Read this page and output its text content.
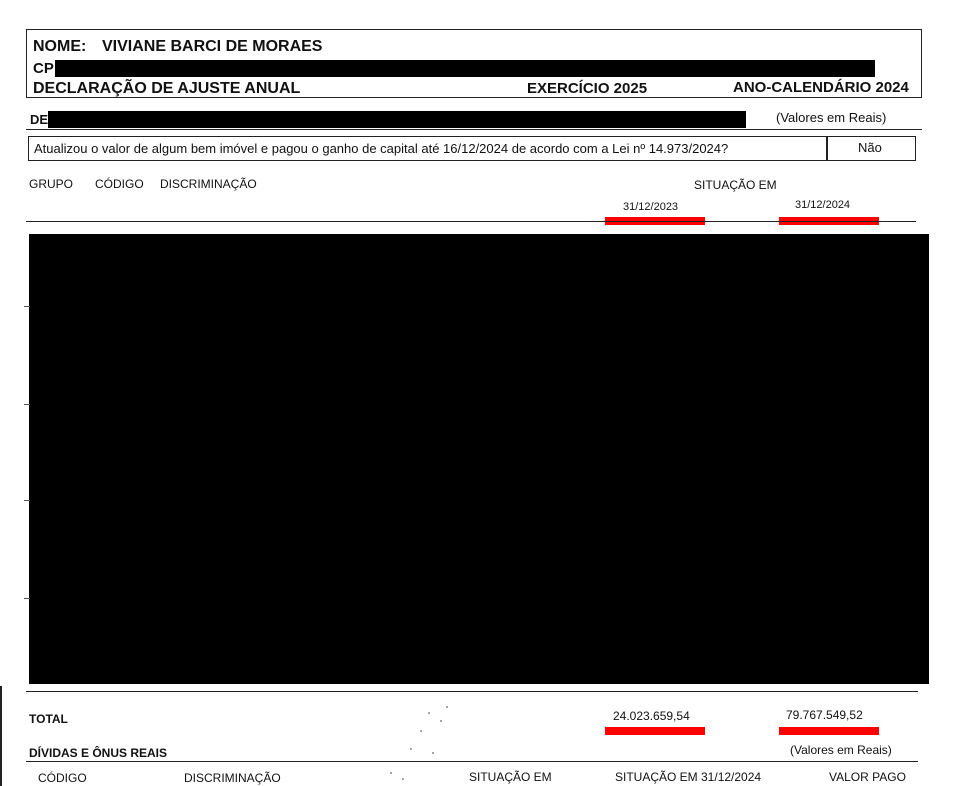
NOME: VIVIANE BARCI DE MORAES
CP
DECLARAÇÃO DE AJUSTE ANUAL	EXERCÍCIO 2025	ANO-CALENDÁRIO 2024
DE	(Valores em Reais)
Atualizou o valor de algum bem imóvel e pagou o ganho de capital até 16/12/2024 de acordo com a Lei nº 14.973/2024?	Não
GRUPO CÓDIGO DISCRIMINAÇÃO	SITUAÇÃO EM
31/12/2023	31/12/2024
TOTAL	24.023.659,54	79.767.549,52
DÍVIDAS E ÔNUS REAIS	(Valores em Reais)
CÓDIGO	DISCRIMINAÇÃO	SITUAÇÃO EM	SITUAÇÃO EM 31/12/2024	VALOR PAGO
